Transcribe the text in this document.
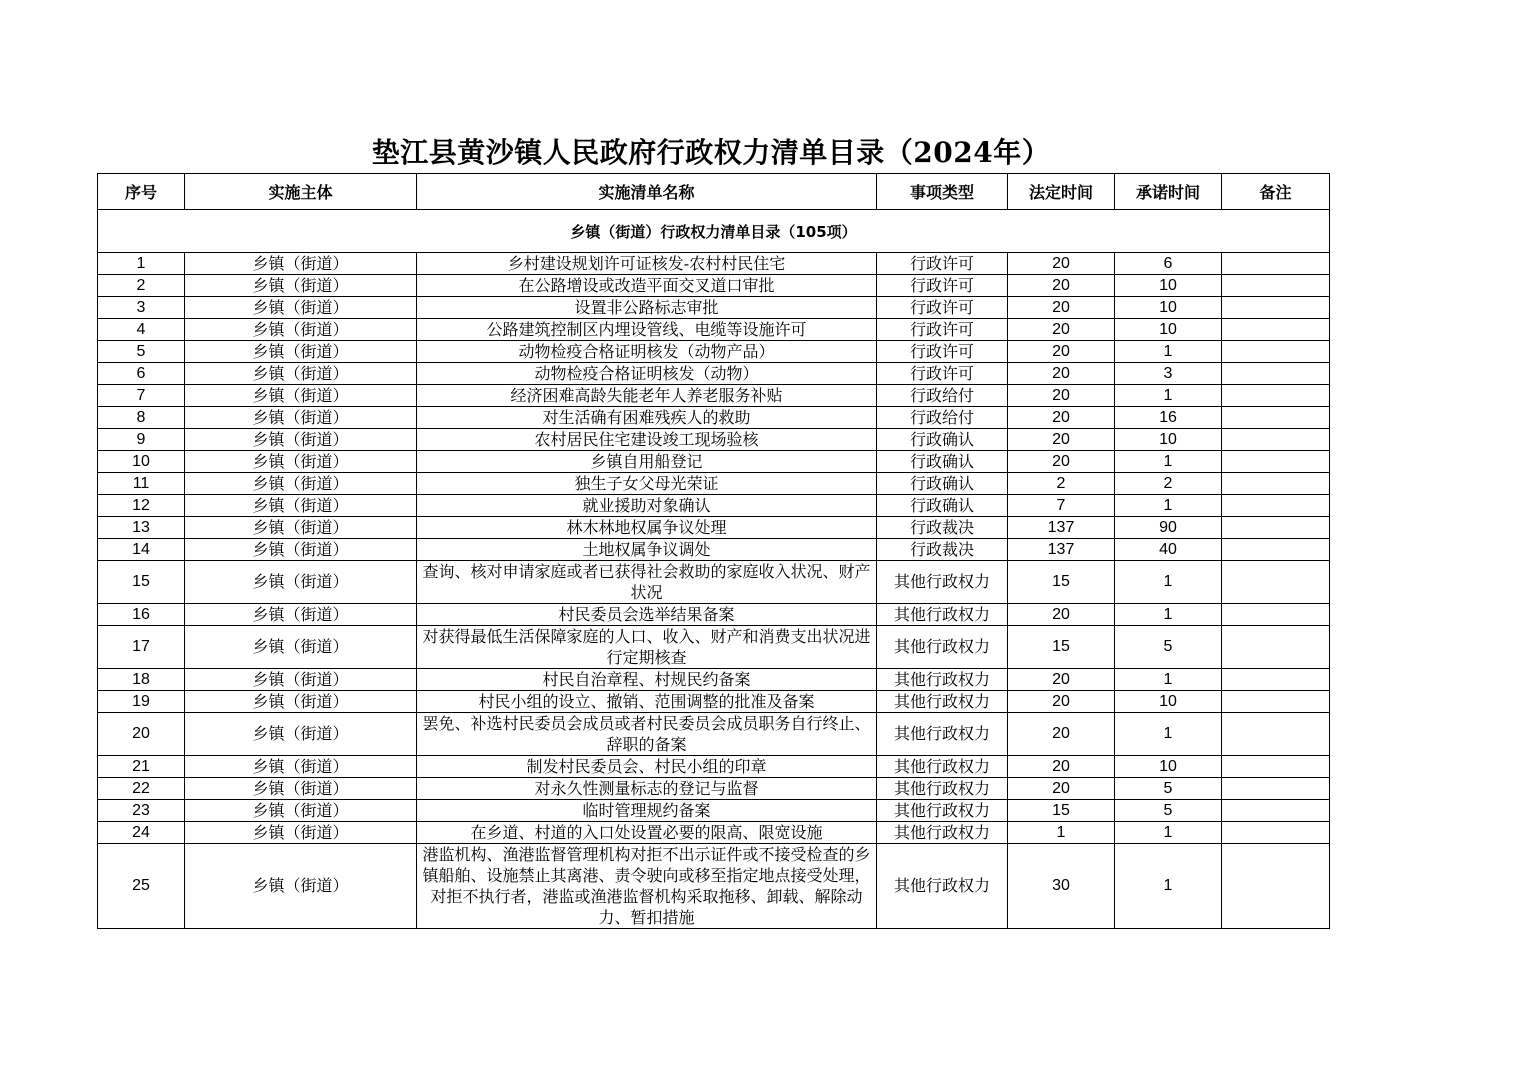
垫江县黄沙镇人民政府行政权力清单目录（2024年）
序号	实施主体	实施清单名称	事项类型	法定时间	承诺时间	备注
乡镇（街道）行政权力清单目录（105项）						
1	乡镇（街道）	乡村建设规划许可证核发-农村村民住宅	行政许可	20	6	
2	乡镇（街道）	在公路增设或改造平面交叉道口审批	行政许可	20	10	
3	乡镇（街道）	设置非公路标志审批	行政许可	20	10	
4	乡镇（街道）	公路建筑控制区内埋设管线、电缆等设施许可	行政许可	20	10	
5	乡镇（街道）	动物检疫合格证明核发（动物产品）	行政许可	20	1	
6	乡镇（街道）	动物检疫合格证明核发（动物）	行政许可	20	3	
7	乡镇（街道）	经济困难高龄失能老年人养老服务补贴	行政给付	20	1	
8	乡镇（街道）	对生活确有困难残疾人的救助	行政给付	20	16	
9	乡镇（街道）	农村居民住宅建设竣工现场验核	行政确认	20	10	
10	乡镇（街道）	乡镇自用船登记	行政确认	20	1	
11	乡镇（街道）	独生子女父母光荣证	行政确认	2	2	
12	乡镇（街道）	就业援助对象确认	行政确认	7	1	
13	乡镇（街道）	林木林地权属争议处理	行政裁决	137	90	
14	乡镇（街道）	土地权属争议调处	行政裁决	137	40	
15	乡镇（街道）	查询、核对申请家庭或者已获得社会救助的家庭收入状况、财产状况	其他行政权力	15	1	
16	乡镇（街道）	村民委员会选举结果备案	其他行政权力	20	1	
17	乡镇（街道）	对获得最低生活保障家庭的人口、收入、财产和消费支出状况进行定期核查	其他行政权力	15	5	
18	乡镇（街道）	村民自治章程、村规民约备案	其他行政权力	20	1	
19	乡镇（街道）	村民小组的设立、撤销、范围调整的批准及备案	其他行政权力	20	10	
20	乡镇（街道）	罢免、补选村民委员会成员或者村民委员会成员职务自行终止、辞职的备案	其他行政权力	20	1	
21	乡镇（街道）	制发村民委员会、村民小组的印章	其他行政权力	20	10	
22	乡镇（街道）	对永久性测量标志的登记与监督	其他行政权力	20	5	
23	乡镇（街道）	临时管理规约备案	其他行政权力	15	5	
24	乡镇（街道）	在乡道、村道的入口处设置必要的限高、限宽设施	其他行政权力	1	1	
25	乡镇（街道）	港监机构、渔港监督管理机构对拒不出示证件或不接受检查的乡镇船舶、设施禁止其离港、责令驶向或移至指定地点接受处理，对拒不执行者，港监或渔港监督机构采取拖移、卸载、解除动力、暂扣措施	其他行政权力	30	1	
